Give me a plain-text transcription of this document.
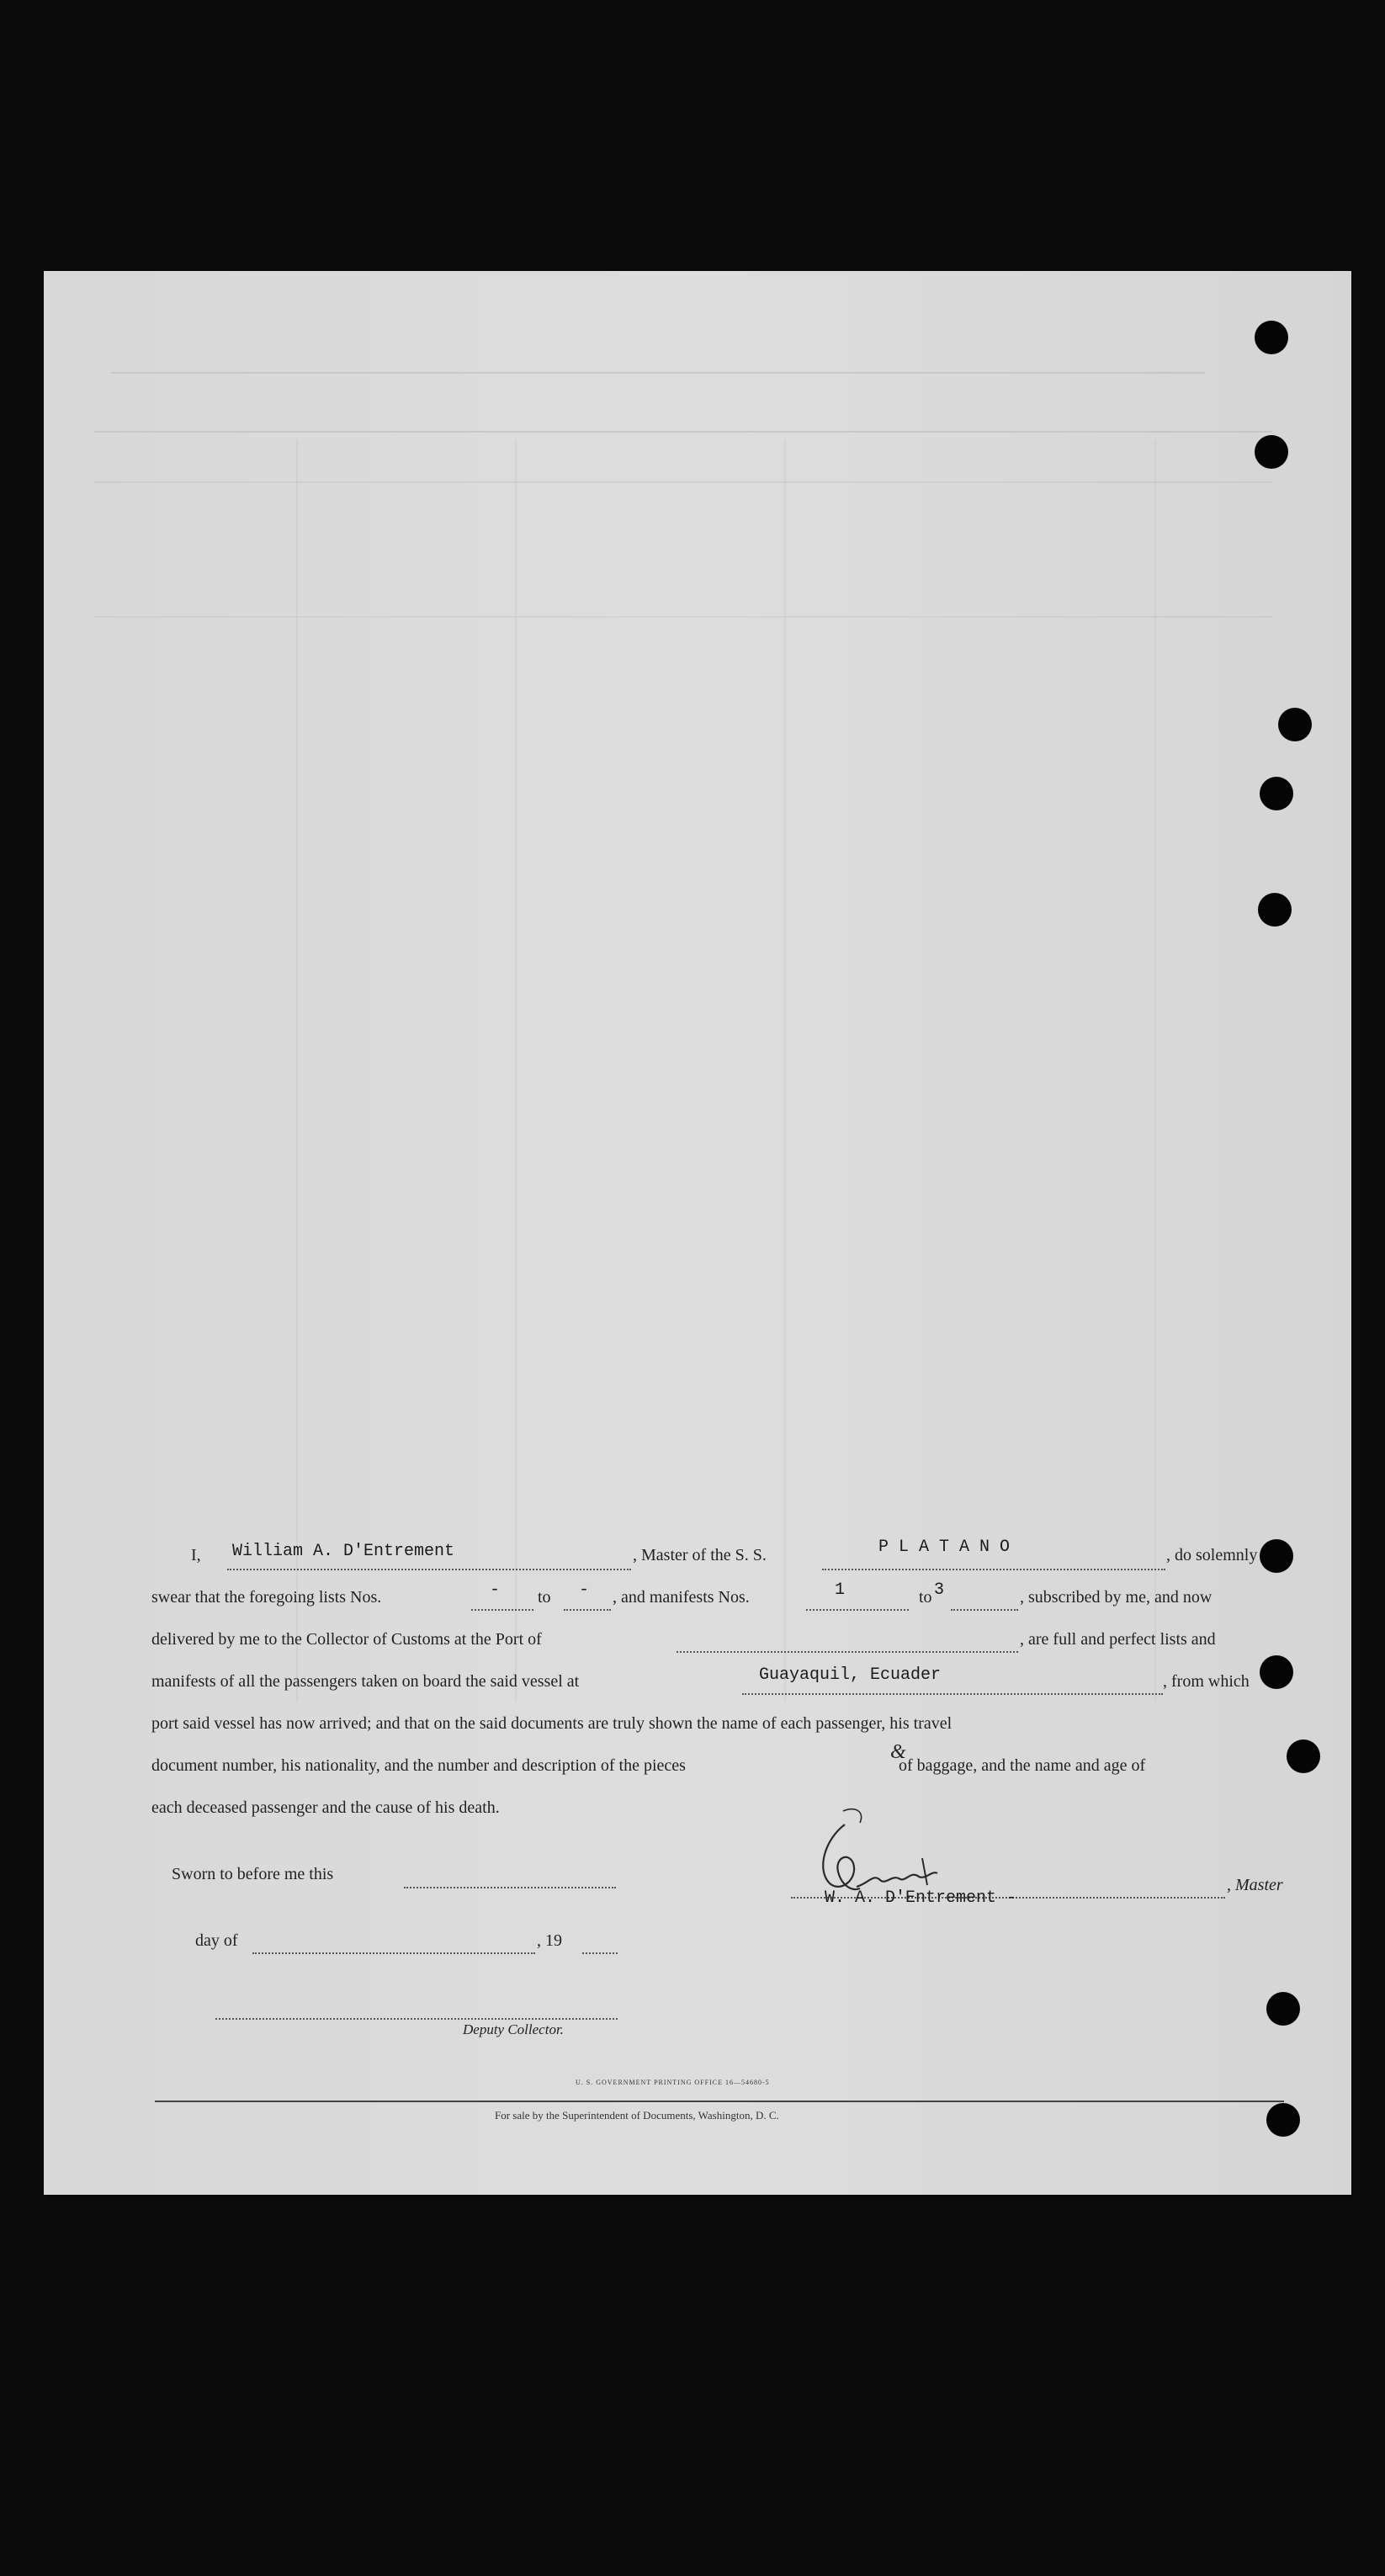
I, William A. D'Entrement	, Master of the S. S.	P L A T A N O	, do solemnly
swear that the foregoing lists Nos.	- to - , and manifests Nos.	1	to 3	, subscribed by me, and now
delivered by me to the Collector of Customs at the Port of	, are full and perfect lists and
manifests of all the passengers taken on board the said vessel at	Guayaquil, Ecuader	, from which
port said vessel has now arrived; and that on the said documents are truly shown the name of each passenger, his travel
document number, his nationality, and the number and description of the pieces
&
of baggage, and the name and age of
each deceased passenger and the cause of his death.
Sworn to before me this
day of	, 19
Deputy Collector.
W. A. D'Entrement -
, Master
U. S. GOVERNMENT PRINTING OFFICE 16—54680-5
For sale by the Superintendent of Documents, Washington, D. C.
